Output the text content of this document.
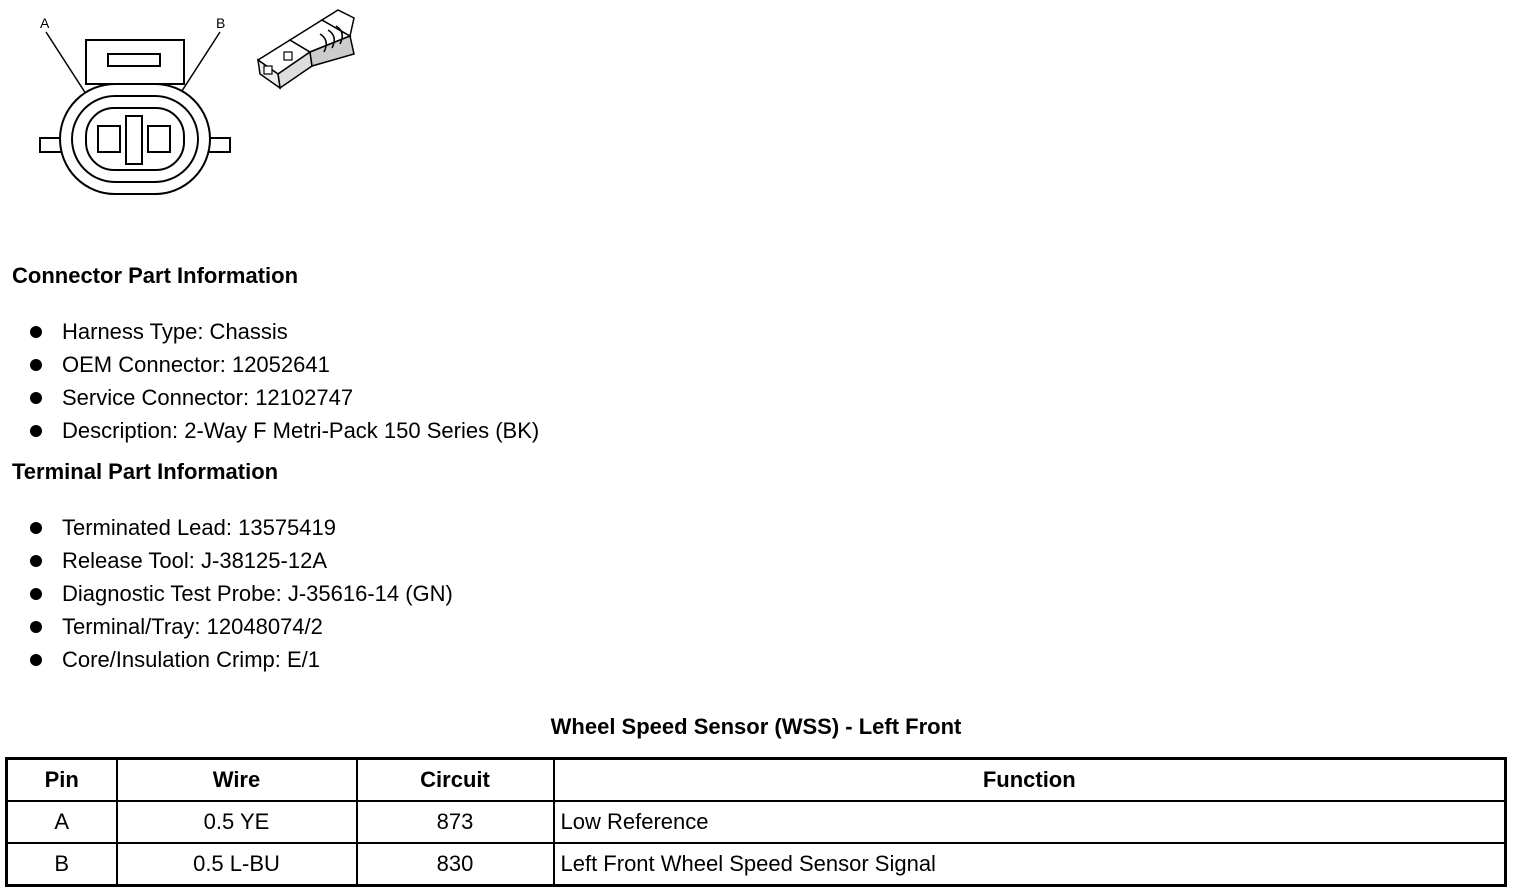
A	B
Connector Part Information
Harness Type: Chassis
OEM Connector: 12052641
Service Connector: 12102747
Description: 2-Way F Metri-Pack 150 Series (BK)
Terminal Part Information
Terminated Lead: 13575419
Release Tool: J-38125-12A
Diagnostic Test Probe: J-35616-14 (GN)
Terminal/Tray: 12048074/2
Core/Insulation Crimp: E/1
Wheel Speed Sensor (WSS) - Left Front
Pin	Wire	Circuit	Function
A	0.5 YE	873	Low Reference
B	0.5 L-BU	830	Left Front Wheel Speed Sensor Signal
